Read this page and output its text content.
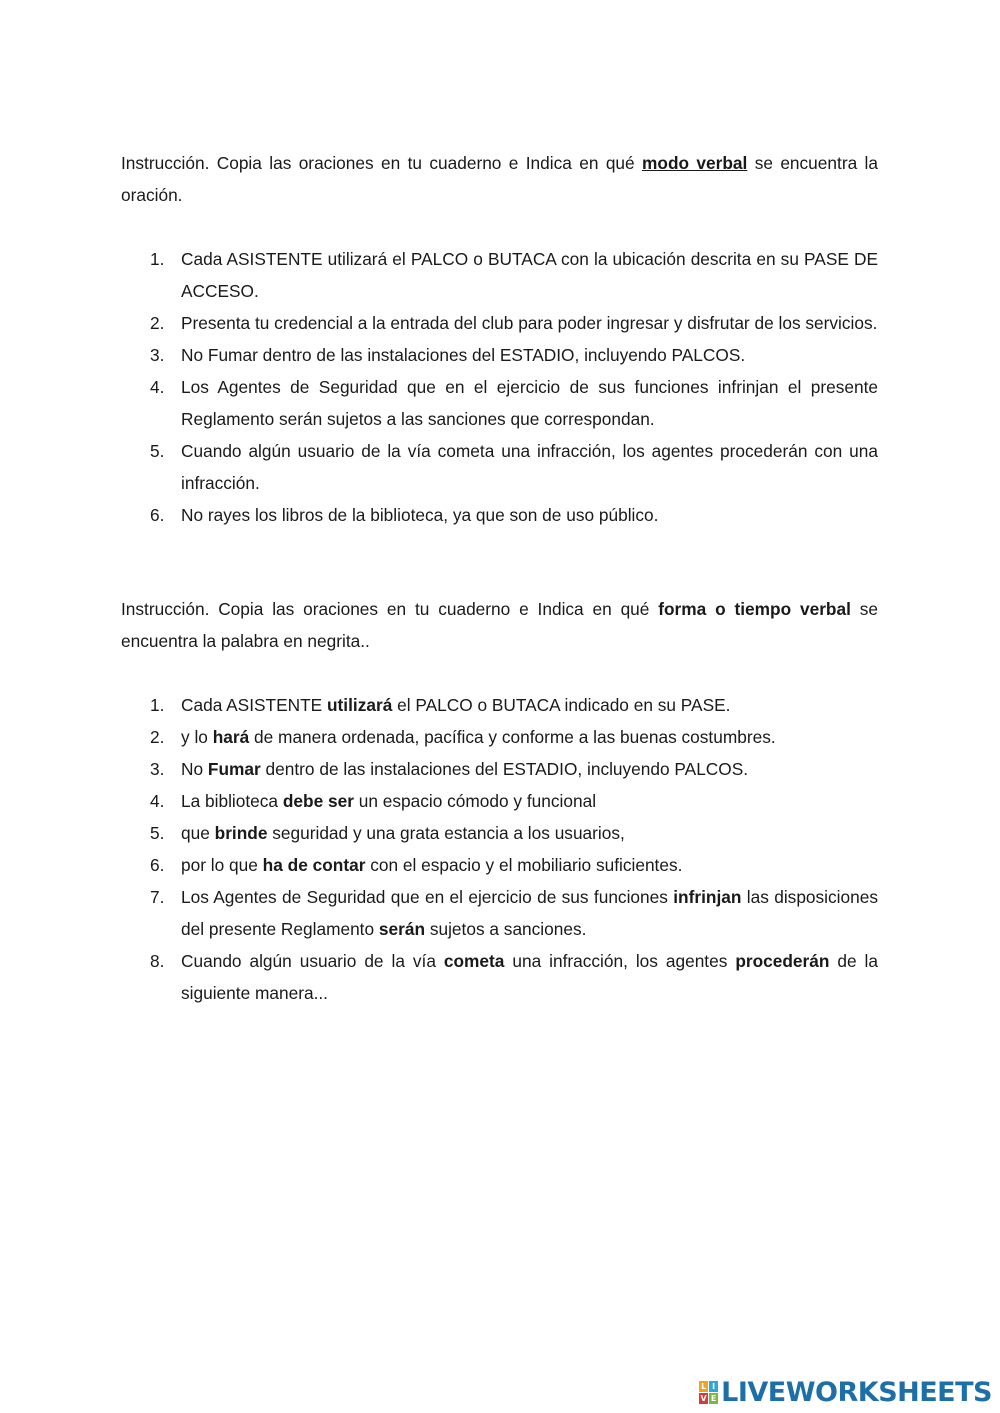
Instrucción. Copia las oraciones en tu cuaderno e Indica en qué modo verbal se encuentra la oración.

1. Cada ASISTENTE utilizará el PALCO o BUTACA con la ubicación descrita en su PASE DE ACCESO.
2. Presenta tu credencial a la entrada del club para poder ingresar y disfrutar de los servicios.
3. No Fumar dentro de las instalaciones del ESTADIO, incluyendo PALCOS.
4. Los Agentes de Seguridad que en el ejercicio de sus funciones infrinjan el presente Reglamento serán sujetos a las sanciones que correspondan.
5. Cuando algún usuario de la vía cometa una infracción, los agentes procederán con una infracción.
6. No rayes los libros de la biblioteca, ya que son de uso público.

Instrucción. Copia las oraciones en tu cuaderno e Indica en qué forma o tiempo verbal se encuentra la palabra en negrita..

1. Cada ASISTENTE utilizará el PALCO o BUTACA indicado en su PASE.
2. y lo hará de manera ordenada, pacífica y conforme a las buenas costumbres.
3. No Fumar dentro de las instalaciones del ESTADIO, incluyendo PALCOS.
4. La biblioteca debe ser un espacio cómodo y funcional
5. que brinde seguridad y una grata estancia a los usuarios,
6. por lo que ha de contar con el espacio y el mobiliario suficientes.
7. Los Agentes de Seguridad que en el ejercicio de sus funciones infrinjan las disposiciones del presente Reglamento serán sujetos a sanciones.
8. Cuando algún usuario de la vía cometa una infracción, los agentes procederán de la siguiente manera...
L I
V E LIVEWORKSHEETS
